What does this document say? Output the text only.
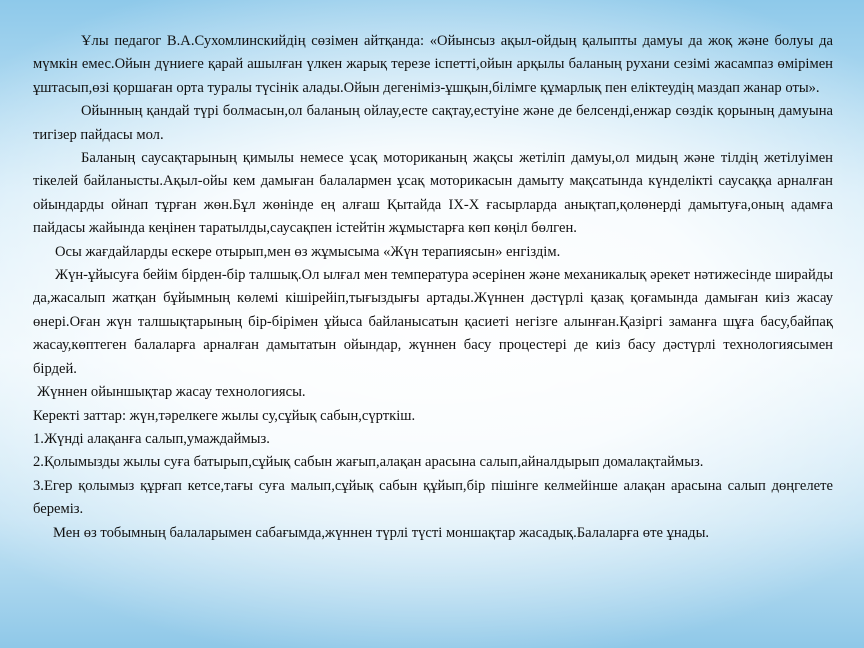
Ұлы педагог В.А.Сухомлинскийдің сөзімен айтқанда: «Ойынсыз ақыл-ойдың қалыпты дамуы да жоқ және болуы да мүмкін емес.Ойын дүниеге қарай ашылған үлкен жарық терезе іспетті,ойын арқылы баланың рухани сезімі жасампаз өмірімен ұштасып,өзі қоршаған орта туралы түсінік алады.Ойын дегеніміз-ұшқын,білімге құмарлық пен еліктеудің маздап жанар оты».

Ойынның қандай түрі болмасын,ол баланың ойлау,есте сақтау,естуіне және де белсенді,енжар сөздік қорының дамуына тигізер пайдасы мол.

Баланың саусақтарының қимылы немесе ұсақ моториканың жақсы жетіліп дамуы,ол мидың және тілдің жетілуімен тікелей байланысты.Ақыл-ойы кем дамыған балалармен ұсақ моторикасын дамыту мақсатында күнделікті саусаққа арналған ойындарды ойнап тұрған жөн.Бұл жөнінде ең алғаш Қытайда IX-X ғасырларда анықтап,қолөнерді дамытуға,оның адамға пайдасы жайында кеңінен таратылды,саусақпен істейтін жұмыстарға көп көңіл бөлген.

Осы жағдайларды ескере отырып,мен өз жұмысыма «Жүн терапиясын» енгіздім.

Жүн-ұйысуға бейім бірден-бір талшық.Ол ылғал мен температура әсерінен және механикалық әрекет нәтижесінде ширайды да,жасалып жатқан бұйымның көлемі кішірейіп,тығыздығы артады.Жүннен дәстүрлі қазақ қоғамында дамыған киіз жасау өнері.Оған жүн талшықтарының бір-бірімен ұйыса байланысатын қасиеті негізге алынған.Қазіргі заманға шұға басу,байпақ жасау,көптеген балаларға арналған дамытатын ойындар, жүннен басу процестері де киіз басу дәстүрлі технологиясымен бірдей.

Жүннен ойыншықтар жасау технологиясы.

Керекті заттар: жүн,тәрелкеге жылы су,сұйық сабын,сүрткіш.

1.Жүнді алақанға салып,умаждаймыз.

2.Қолымызды жылы суға батырып,сұйық сабын жағып,алақан арасына салып,айналдырып домалақтаймыз.

3.Егер қолымыз құрғап кетсе,тағы суға малып,сұйық сабын құйып,бір пішінге келмейінше алақан арасына салып дөңгелете береміз.

Мен өз тобымның балаларымен сабағымда,жүннен түрлі түсті моншақтар жасадық.Балаларға өте ұнады.
